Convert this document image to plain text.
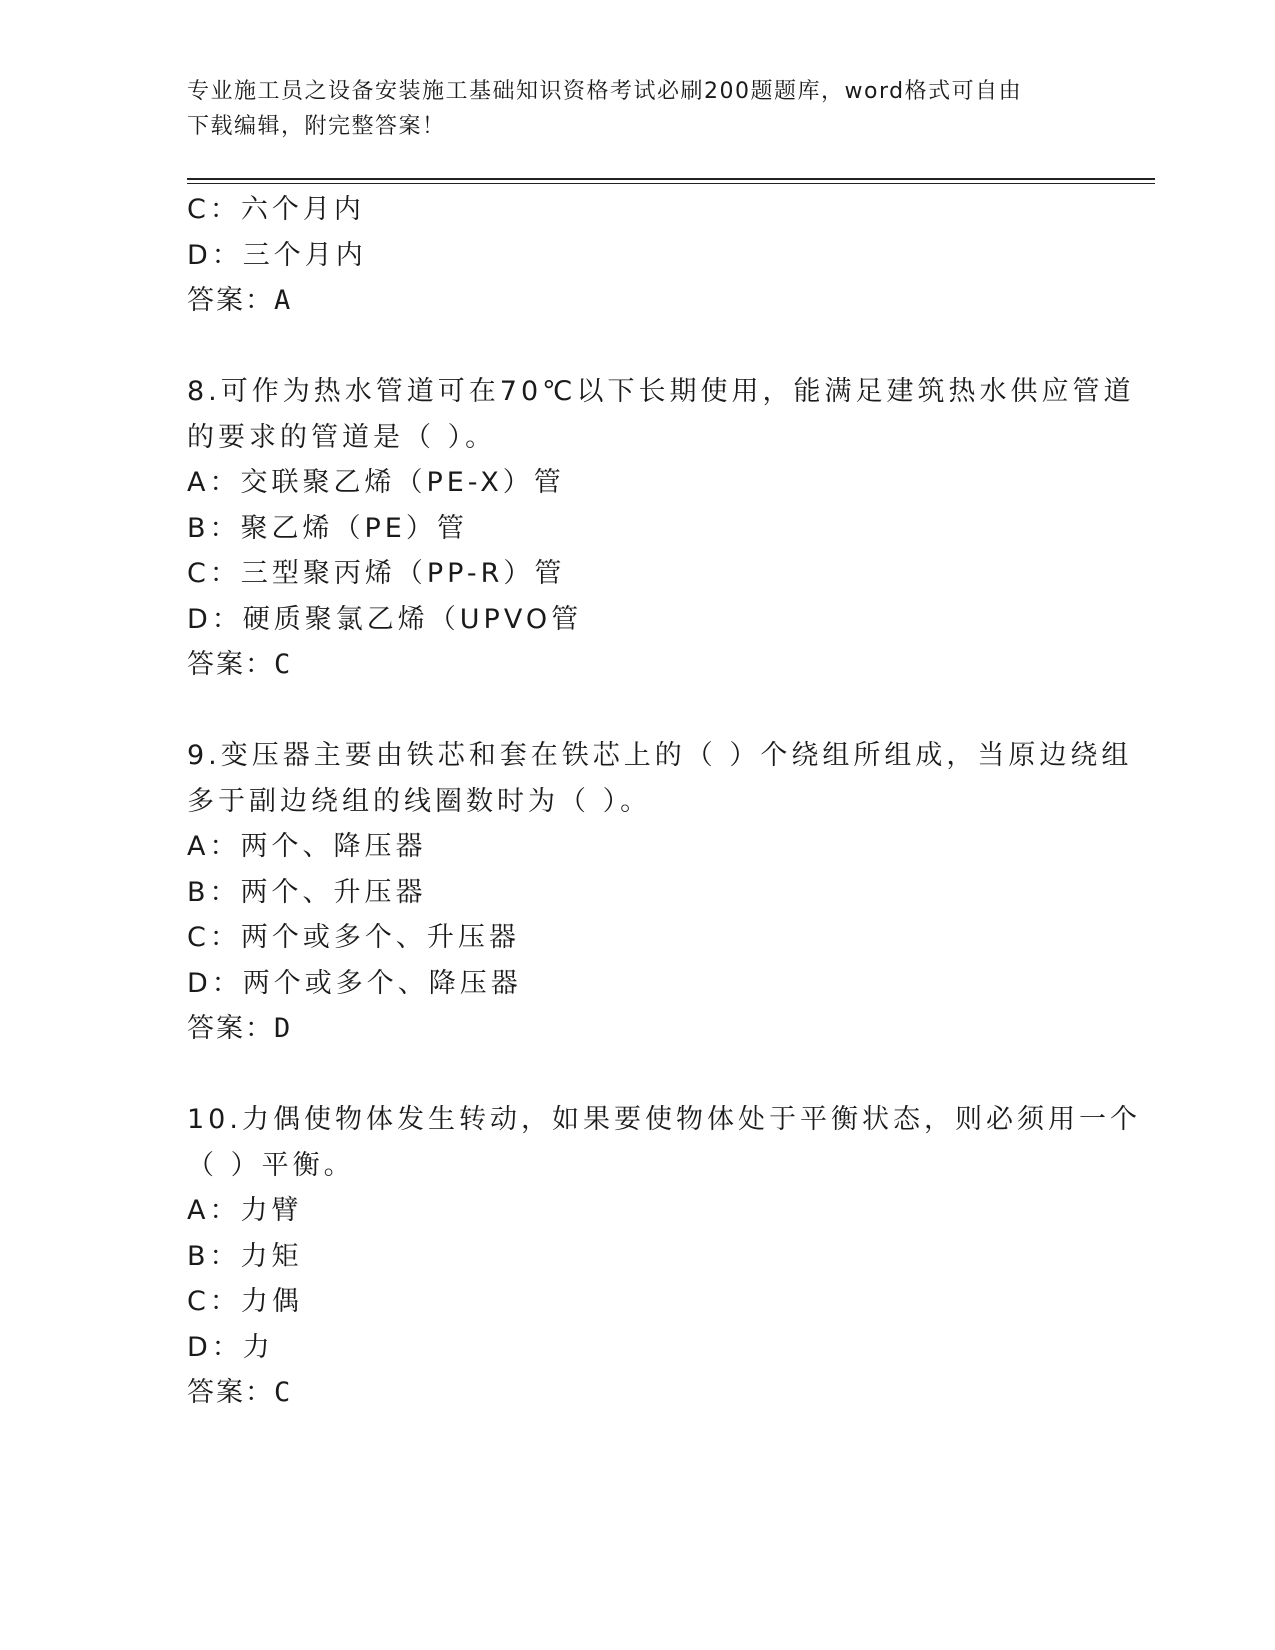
专业施工员之设备安装施工基础知识资格考试必刷200题题库，word格式可自由
下载编辑，附完整答案！
C：六个月内
D：三个月内
答案：A
8.可作为热水管道可在70℃以下长期使用，能满足建筑热水供应管道
的要求的管道是（ ）。
A：交联聚乙烯（PE-X）管
B：聚乙烯（PE）管
C：三型聚丙烯（PP-R）管
D：硬质聚氯乙烯（UPVO管
答案：C
9.变压器主要由铁芯和套在铁芯上的（ ）个绕组所组成，当原边绕组
多于副边绕组的线圈数时为（ ）。
A：两个、降压器
B：两个、升压器
C：两个或多个、升压器
D：两个或多个、降压器
答案：D
10.力偶使物体发生转动，如果要使物体处于平衡状态，则必须用一个
（ ）平衡。
A：力臂
B：力矩
C：力偶
D：力
答案：C
